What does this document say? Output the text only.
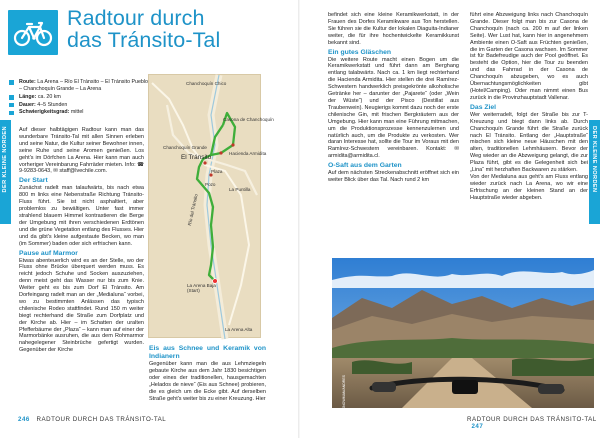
Radtour durch
das Tránsito-Tal
Route: La Arena – Río El Tránsito – El Tránsito Pueblo – Chanchoquín Grande – La Arena
Länge: ca. 20 km
Dauer: 4–5 Stunden
Schwierigkeitsgrad: mittel

Auf dieser halbtägigen Radtour kann man das wunderbare Tránsito-Tal mit allen Sinnen erleben und seine Natur, die Kultur seiner Bewohner innen, seine Ruhe und seine Aromen genießen. Los geht's im Dörfchen La Arena. Hier kann man auch vorheriger Vereinbarung Fahrräder mieten. Info: ☎ 9-9283-0643, ✉ staff@lvechile.com.

Der Start

Zunächst radelt man talaufwärts, bis nach etwa 800 m links eine Nebenstraße Richtung Tránsito-Fluss führt. Sie ist nicht asphaltiert, aber problemlos zu bewältigen. Unter fast immer strahlend blauem Himmel kontrastieren die Berge der Umgebung mit ihren verschiedenen Erdtönen und die grüne Vegetation entlang des Flusses. Hier und da gibt's kleine aufgestaute Becken, wo man (im Sommer) baden oder sich erfrischen kann.

Pause auf Marmor

Etwas abenteuerlich wird es an der Stelle, wo der Fluss ohne Brücke überquert werden muss. Es reicht jedoch Schuhe und Socken auszuziehen, denn meist geht das Wasser nur bis zum Knie. Weiter geht es bis zum Dorf El Tránsito. Am Dorfeingang radelt man an der „Medialuna“ vorbei, wo zu bestimmten Anlässen das typisch chilenische Rodeo stattfindet. Rund 150 m weiter biegt rechterhand die Straße zum Dorfplatz und der Kirche ab. Hier – im Schatten der uralten Pfefferbäume der „Plaza“ – kann man auf einer der Marmorbänke ausruhen, die aus dem Rohmarmor nahegelegener Steinbrüche gefertigt wurden. Gegenüber der Kirche

Chanchoquín Chico
Chanchoquín Grande
Casona de Chanchoquín
Hacienda Armidita
El Tránsito
Plaza
Pozo
La Puntilla
Río del Tránsito
La Arena Baja (Start)
La Arena Alta
Eis aus Schnee und Keramik von Indianern

Gegenüber kann man die aus Lehmziegeln gebaute Kirche aus dem Jahr 1830 besichtigen oder eines der traditionellen, hausgemachten „Helados de nieve“ (Eis aus Schnee) probieren, die es gleich um die Ecke gibt. Auf derselben Straße geht's weiter bis zu einer Kreuzung. Hier

246 RADTOUR DURCH DAS TRÁNSITO-TAL
DER KLEINE NORDEN

befindet sich eine kleine Keramikwerkstatt, in der Frauen des Dorfes Keramikware aus Ton herstellen. Sie führen sie die Kultur der lokalen Diaguita-Indianer weiter, die für ihre hochentwickelte Keramikkunst bekannt sind.

Ein gutes Gläschen

Die weitere Route macht einen Bogen um die Keramikwerkstatt und führt dann am Berghang entlang talabwärts. Nach ca. 1 km liegt rechterhand die Hacienda Armidita. Hier stellen die drei Ramírez-Schwestern handwerklich preisgekrönte alkoholische Getränke her – darunter der „Pajarete“ (oder „Wein der Wüste“) und der Pisco (Destillat aus Traubenwein). Neugierigs kommt dazu noch der erste chilenische Gin, mit frischen Bergkräutern aus der Umgebung. Hier kann man eine Führung mitmachen, um die Produktionsprozesse kennenzulernen und natürlich auch, um die Produkte zu verkosten. Wer daran Interesse hat, sollte die Tour im Voraus mit den Ramírez-Schwestern vereinbaren. Kontakt: ✉ armidita@armidita.cl.

O-Saft aus dem Garten

Auf dem nächsten Streckenabschnitt eröffnet sich ein weiter Blick über das Tal. Nach rund 2 km

führt eine Abzweigung links nach Chanchoquín Grande. Dieser folgt man bis zur Casona de Chanchoquín (nach ca. 200 m auf der linken Seite). Wer Lust hat, kann hier in angenehmem Ambiente einen O-Saft aus Früchten genießen, die im Garten der Casona wachsen. Im Sommer ist für Badefreudige auch der Pool geöffnet. Es besteht die Option, hier die Tour zu beenden und das Fahrrad in der Casona de Chanchoquín abzugeben, wo es auch Übernachtungsmöglichkeiten gibt (Hotel/Camping). Oder man nimmt einen Bus zurück in die Provinzhauptstadt Vallenar.

Das Ziel

Wer weiterradelt, folgt der Straße bis zur T-Kreuzung und biegt dann links ab. Durch Chanchoquín Grande führt die Straße zurück nach El Tránsito. Entlang der „Hauptstraße“ mischen sich kleine neue Häuschen mit den alten, traditionellen Lehmhäusern. Bevor der Weg wieder an die Abzweigung gelangt, die zur Plaza führt, gibt es die Gelegenheit sich bei „Lina“ mit herzhaften Backwaren zu stärken.

Von der Medialuna aus geht's am Fluss entlang wieder zurück nach La Arena, wo wir eine Erfrischung an der kleinen Stand an der Hauptstraße wieder abgeben.

RADTOUR DURCH DAS TRÁNSITO-TAL   247
© SNOWMAN/ANDRES
DER KLEINE NORDEN
